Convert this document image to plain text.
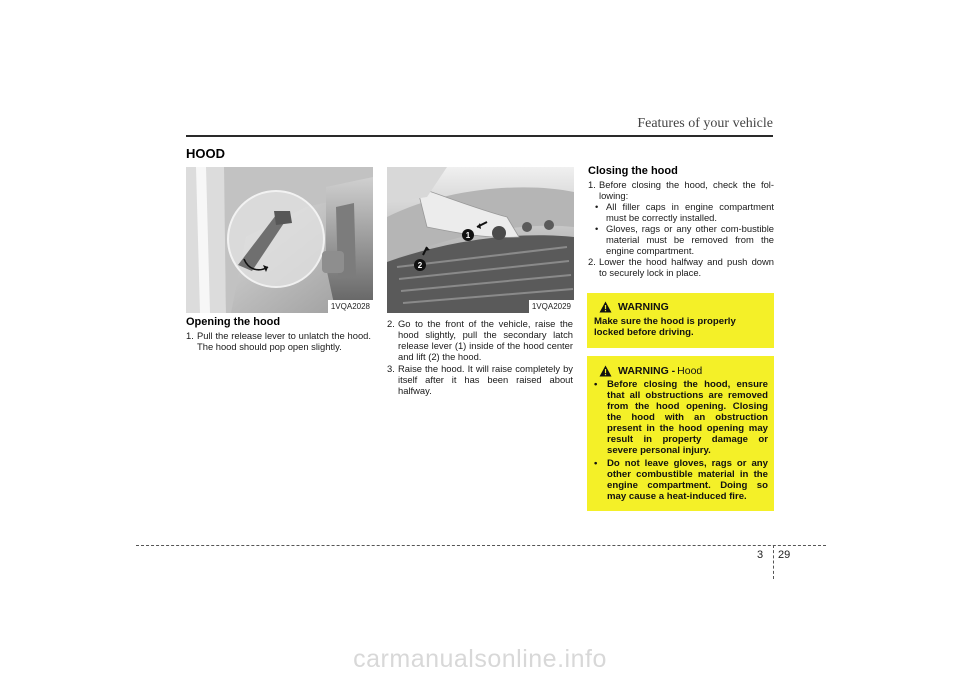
Features of your vehicle
HOOD
1VQA2028
1
2
1VQA2029
Opening the hood
1. Pull the release lever to unlatch the hood. The hood should pop open slightly.
2. Go to the front of the vehicle, raise the hood slightly, pull the secondary latch release lever (1) inside of the hood center and lift (2) the hood.
3. Raise the hood. It will raise completely by itself after it has been raised about halfway.
Closing the hood
1. Before closing the hood, check the fol-lowing:
• All filler caps in engine compartment must be correctly installed.
• Gloves, rags or any other com-bustible material must be removed from the engine compartment.
2. Lower the hood halfway and push down to securely lock in place.
WARNING
Make sure the hood is properly locked before driving.
WARNING - Hood
• Before closing the hood, ensure that all obstructions are removed from the hood opening. Closing the hood with an obstruction present in the hood opening may result in property damage or severe personal injury.
• Do not leave gloves, rags or any other combustible material in the engine compartment. Doing so may cause a heat-induced fire.
3 29
carmanualsonline.info
